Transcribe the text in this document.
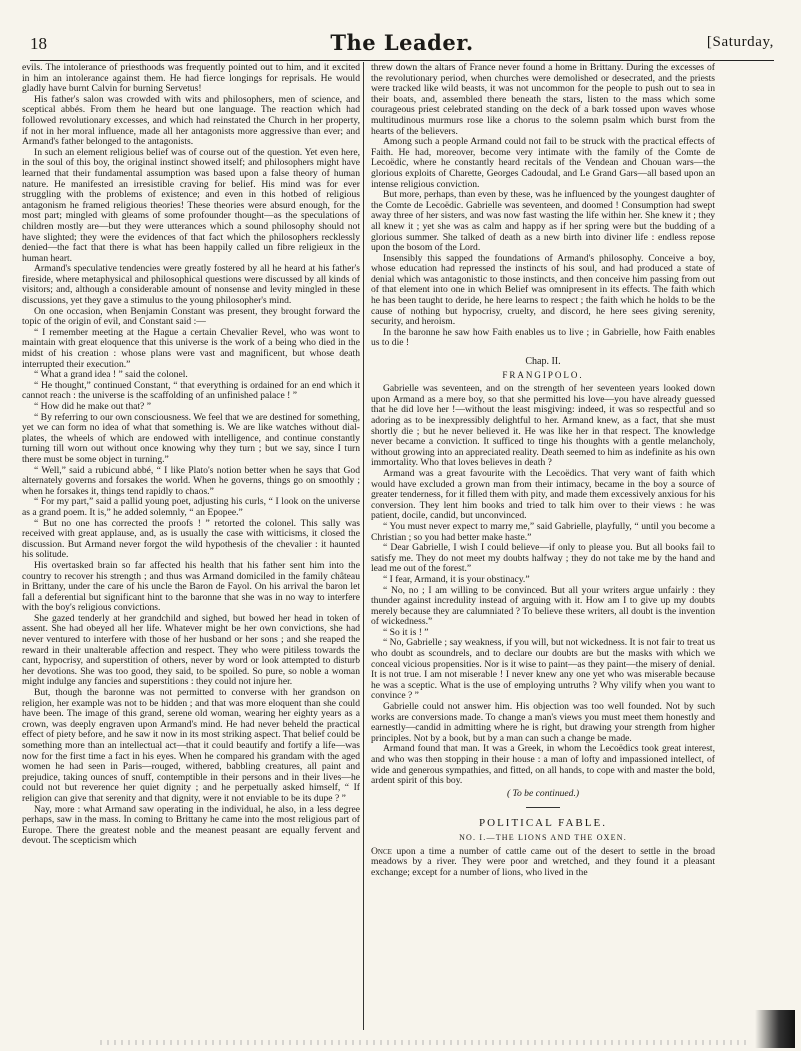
18	The Leader.	[Saturday,

evils. The intolerance of priesthoods was frequently pointed out to him, and it excited in him an intolerance against them. He had fierce longings for reprisals. He would gladly have burnt Calvin for burning Servetus!

His father's salon was crowded with wits and philosophers, men of science, and sceptical abbés. From them he heard but one language. The reaction which had followed revolutionary excesses, and which had reinstated the Church in her property, if not in her moral influence, made all her antagonists more aggressive than ever; and Armand's father belonged to the antagonists.

In such an element religious belief was of course out of the question. Yet even here, in the soul of this boy, the original instinct showed itself; and philosophers might have learned that their fundamental assumption was based upon a false theory of human nature. He manifested an irresistible craving for belief. His mind was for ever struggling with the problems of existence; and even in this hotbed of religious antagonism he framed religious theories! These theories were absurd enough, for the most part; mingled with gleams of some profounder thought—as the speculations of children mostly are—but they were utterances which a sound philosophy should not have slighted; they were the evidences of that fact which the philosophers recklessly denied—the fact that there is what has been happily called un fibre religieux in the human heart.

Armand's speculative tendencies were greatly fostered by all he heard at his father's fireside, where metaphysical and philosophical questions were discussed by all kinds of visitors; and, although a considerable amount of nonsense and levity mingled in these discussions, yet they gave a stimulus to the young philosopher's mind.

On one occasion, when Benjamin Constant was present, they brought forward the topic of the origin of evil, and Constant said :—

“ I remember meeting at the Hague a certain Chevalier Revel, who was wont to maintain with great eloquence that this universe is the work of a being who died in the midst of his creation : whose plans were vast and magnificent, but whose death interrupted their execution.”

“ What a grand idea ! ” said the colonel.

“ He thought,” continued Constant, “ that everything is ordained for an end which it cannot reach : the universe is the scaffolding of an unfinished palace ! ”

“ How did he make out that? ”

“ By referring to our own consciousness. We feel that we are destined for something, yet we can form no idea of what that something is. We are like watches without dial-plates, the wheels of which are endowed with intelligence, and continue constantly turning till worn out without once knowing why they turn ; but we say, since I turn there must be some object in turning.”

“ Well,” said a rubicund abbé, “ I like Plato's notion better when he says that God alternately governs and forsakes the world. When he governs, things go on smoothly ; when he forsakes it, things tend rapidly to chaos.”

“ For my part,” said a pallid young poet, adjusting his curls, “ I look on the universe as a grand poem. It is,” he added solemnly, “ an Epopee.”

“ But no one has corrected the proofs ! ” retorted the colonel. This sally was received with great applause, and, as is usually the case with witticisms, it closed the discussion. But Armand never forgot the wild hypothesis of the chevalier : it haunted his solitude.

His overtasked brain so far affected his health that his father sent him into the country to recover his strength ; and thus was Armand domiciled in the family château in Brittany, under the care of his uncle the Baron de Fayol. On his arrival the baron let fall a deferential but significant hint to the baronne that she was in no way to interfere with the boy's religious convictions.

She gazed tenderly at her grandchild and sighed, but bowed her head in token of assent. She had obeyed all her life. Whatever might be her own convictions, she had never ventured to interfere with those of her husband or her sons ; and she reaped the reward in their unalterable affection and respect. They who were pitiless towards the cant, hypocrisy, and superstition of others, never by word or look attempted to disturb her devotions. She was too good, they said, to be spoiled. So pure, so noble a woman might indulge any fancies and superstitions : they could not injure her.

But, though the baronne was not permitted to converse with her grandson on religion, her example was not to be hidden ; and that was more eloquent than she could have been. The image of this grand, serene old woman, wearing her eighty years as a crown, was deeply engraven upon Armand's mind. He had never beheld the practical effect of piety before, and he saw it now in its most striking aspect. That belief could be something more than an intellectual act—that it could beautify and fortify a life—was now for the first time a fact in his eyes. When he compared his grandam with the aged women he had seen in Paris—rouged, withered, babbling creatures, all paint and prejudice, taking ounces of snuff, contemptible in their persons and in their lives—he could not but reverence her quiet dignity ; and he perpetually asked himself, “ If religion can give that serenity and that dignity, were it not enviable to be its dupe ? ”

Nay, more : what Armand saw operating in the individual, he also, in a less degree perhaps, saw in the mass. In coming to Brittany he came into the most religious part of Europe. There the greatest noble and the meanest peasant are equally fervent and devout. The scepticism which

threw down the altars of France never found a home in Brittany. During the excesses of the revolutionary period, when churches were demolished or desecrated, and the priests were tracked like wild beasts, it was not uncommon for the people to push out to sea in their boats, and, assembled there beneath the stars, listen to the mass which some courageous priest celebrated standing on the deck of a bark tossed upon waves whose multitudinous murmurs rose like a chorus to the solemn psalm which burst from the hearts of the believers.

Among such a people Armand could not fail to be struck with the practical effects of Faith. He had, moreover, become very intimate with the family of the Comte de Lecoëdic, where he constantly heard recitals of the Vendean and Chouan wars—the glorious exploits of Charette, Georges Cadoudal, and Le Grand Gars—all based upon an intense religious conviction.

But more, perhaps, than even by these, was he influenced by the youngest daughter of the Comte de Lecoëdic. Gabrielle was seventeen, and doomed ! Consumption had swept away three of her sisters, and was now fast wasting the life within her. She knew it ; they all knew it ; yet she was as calm and happy as if her spring were but the budding of a glorious summer. She talked of death as a new birth into diviner life : endless repose upon the bosom of the Lord.

Insensibly this sapped the foundations of Armand's philosophy. Conceive a boy, whose education had repressed the instincts of his soul, and had produced a state of denial which was antagonistic to those instincts, and then conceive him passing from out of that element into one in which Belief was omnipresent in its effects. The faith which he has been taught to deride, he here learns to respect ; the faith which he holds to be the cause of nothing but hypocrisy, cruelty, and discord, he here sees giving serenity, security, and heroism.

In the baronne he saw how Faith enables us to live ; in Gabrielle, how Faith enables us to die !

Chap. II.
FRANGIPOLO.

Gabrielle was seventeen, and on the strength of her seventeen years looked down upon Armand as a mere boy, so that she permitted his love—you have already guessed that he did love her !—without the least misgiving: indeed, it was so respectful and so adoring as to be inexpressibly delightful to her. Armand knew, as a fact, that she must shortly die ; but he never believed it. He was like her in that respect. The knowledge never became a conviction. It sufficed to tinge his thoughts with a gentle melancholy, without growing into an appreciated reality. Death seemed to him as indefinite as his own immortality. Who that loves believes in death ?

Armand was a great favourite with the Lecoëdics. That very want of faith which would have excluded a grown man from their intimacy, became in the boy a source of greater tenderness, for it filled them with pity, and made them excessively anxious for his conversion. They lent him books and tried to talk him over to their views : he was patient, docile, candid, but unconvinced.

“ You must never expect to marry me,” said Gabrielle, playfully, “ until you become a Christian ; so you had better make haste.”

“ Dear Gabrielle, I wish I could believe—if only to please you. But all books fail to satisfy me. They do not meet my doubts halfway ; they do not take me by the hand and lead me out of the forest.”

“ I fear, Armand, it is your obstinacy.”

“ No, no ; I am willing to be convinced. But all your writers argue unfairly : they thunder against incredulity instead of arguing with it. How am I to give up my doubts merely because they are calumniated ? To believe these writers, all doubt is the invention of wickedness.”

“ So it is ! ”

“ No, Gabrielle ; say weakness, if you will, but not wickedness. It is not fair to treat us who doubt as scoundrels, and to declare our doubts are but the masks with which we conceal vicious propensities. Nor is it wise to paint—as they paint—the misery of denial. It is not true. I am not miserable ! I never knew any one yet who was miserable because he was a sceptic. What is the use of employing untruths ? Why vilify when you want to convince ? ”

Gabrielle could not answer him. His objection was too well founded. Not by such works are conversions made. To change a man's views you must meet them honestly and earnestly—candid in admitting where he is right, but drawing your strength from higher principles. Not by a book, but by a man can such a change be made.

Armand found that man. It was a Greek, in whom the Lecoëdics took great interest, and who was then stopping in their house : a man of lofty and impassioned intellect, of wide and generous sympathies, and fitted, on all hands, to cope with and master the bold, ardent spirit of this boy.

( To be continued.)
POLITICAL FABLE.
NO. I.—THE LIONS AND THE OXEN.

Once upon a time a number of cattle came out of the desert to settle in the broad meadows by a river. They were poor and wretched, and they found it a pleasant exchange; except for a number of lions, who lived in the
